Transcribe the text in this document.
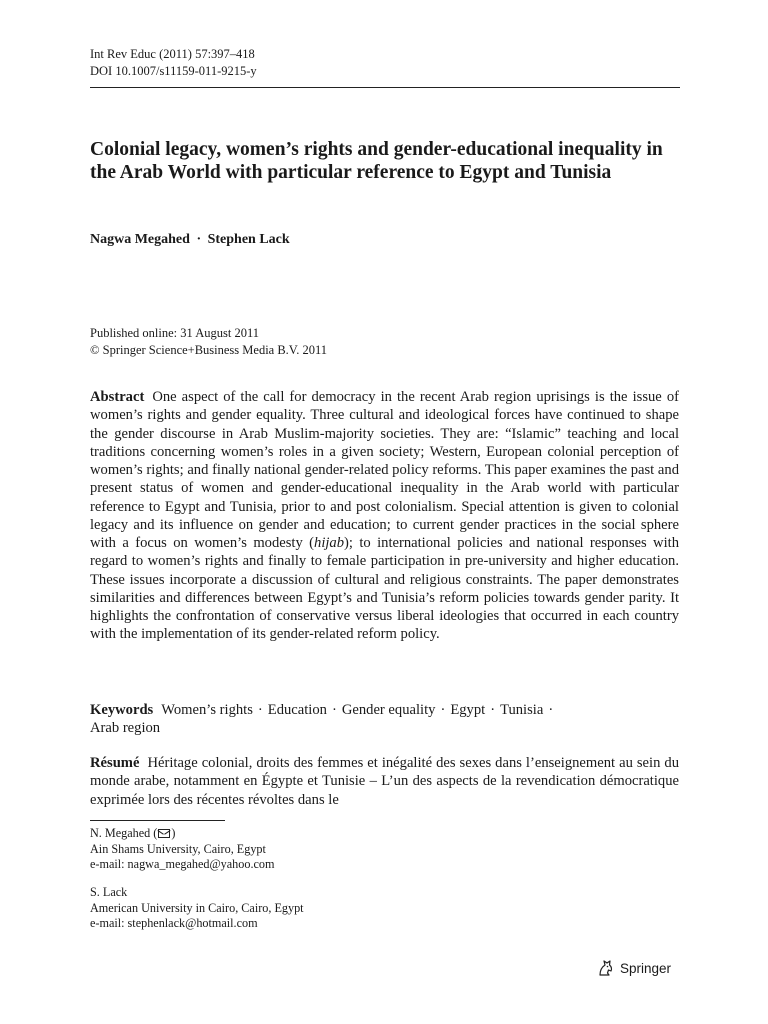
Int Rev Educ (2011) 57:397–418
DOI 10.1007/s11159-011-9215-y
Colonial legacy, women’s rights and gender-educational inequality in the Arab World with particular reference to Egypt and Tunisia
Nagwa Megahed · Stephen Lack
Published online: 31 August 2011
© Springer Science+Business Media B.V. 2011

Abstract One aspect of the call for democracy in the recent Arab region uprisings is the issue of women’s rights and gender equality. Three cultural and ideological forces have continued to shape the gender discourse in Arab Muslim-majority societies. They are: “Islamic” teaching and local traditions concerning women’s roles in a given society; Western, European colonial perception of women’s rights; and finally national gender-related policy reforms. This paper examines the past and present status of women and gender-educational inequality in the Arab world with particular reference to Egypt and Tunisia, prior to and post colonialism. Special attention is given to colonial legacy and its influence on gender and education; to current gender practices in the social sphere with a focus on women’s modesty (hijab); to international policies and national responses with regard to women’s rights and finally to female participation in pre-university and higher education. These issues incorporate a discussion of cultural and religious constraints. The paper demonstrates similarities and differences between Egypt’s and Tunisia’s reform policies towards gender parity. It highlights the confrontation of conservative versus liberal ideologies that occurred in each country with the implementation of its gender-related reform policy.

Keywords Women’s rights · Education · Gender equality · Egypt · Tunisia ·
Arab region

Résumé Héritage colonial, droits des femmes et inégalité des sexes dans l’enseignement au sein du monde arabe, notamment en Égypte et Tunisie – L’un des aspects de la revendication démocratique exprimée lors des récentes révoltes dans le

N. Megahed ( )
Ain Shams University, Cairo, Egypt
e-mail: nagwa_megahed@yahoo.com
S. Lack
American University in Cairo, Cairo, Egypt
e-mail: stephenlack@hotmail.com
Springer
